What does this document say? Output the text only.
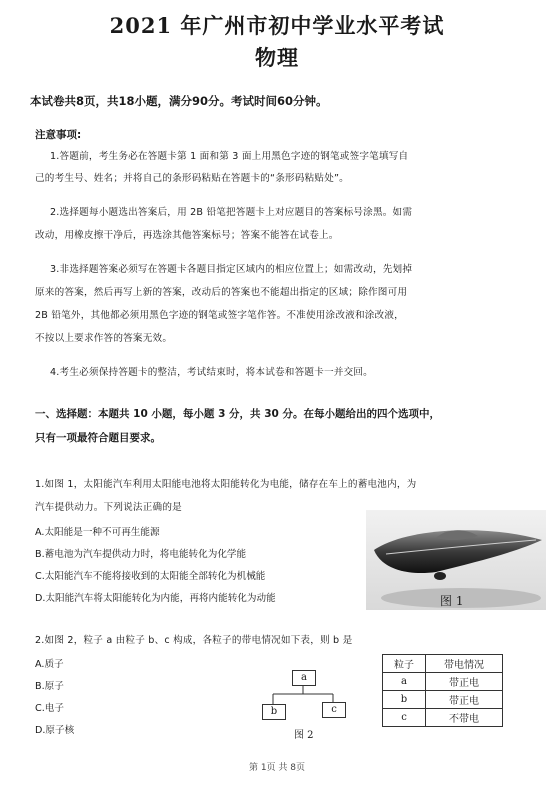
2021 年广州市初中学业水平考试
物理
本试卷共8页，共18小题，满分90分。考试时间60分钟。
注意事项:
1.答题前，考生务必在答题卡第 1 面和第 3 面上用黑色字迹的钢笔或签字笔填写自
己的考生号、姓名；并将自己的条形码粘贴在答题卡的“条形码粘贴处”。
2.选择题每小题选出答案后，用 2B 铅笔把答题卡上对应题目的答案标号涂黑。如需
改动，用橡皮擦干净后，再选涂其他答案标号；答案不能答在试卷上。
3.非选择题答案必须写在答题卡各题目指定区域内的相应位置上；如需改动，先划掉
原来的答案，然后再写上新的答案，改动后的答案也不能超出指定的区域；除作图可用
2B 铅笔外，其他都必须用黑色字迹的钢笔或签字笔作答。不准使用涂改液和涂改液，
不按以上要求作答的答案无效。
4.考生必须保持答题卡的整洁，考试结束时，将本试卷和答题卡一并交回。
一、选择题：本题共 10 小题，每小题 3 分，共 30 分。在每小题给出的四个选项中，
只有一项最符合题目要求。
1.如图 1，太阳能汽车利用太阳能电池将太阳能转化为电能，储存在车上的蓄电池内，为
汽车提供动力。下列说法正确的是
A.太阳能是一种不可再生能源
B.蓄电池为汽车提供动力时，将电能转化为化学能
C.太阳能汽车不能将接收到的太阳能全部转化为机械能
D.太阳能汽车将太阳能转化为内能，再将内能转化为动能	图 1
2.如图 2，粒子 a 由粒子 b、c 构成，各粒子的带电情况如下表，则 b 是
A.质子
B.原子
C.电子
D.原子核
a
b	c
图 2
粒子	带电情况
a	带正电
b	带正电
c	不带电
第 1页 共 8页
